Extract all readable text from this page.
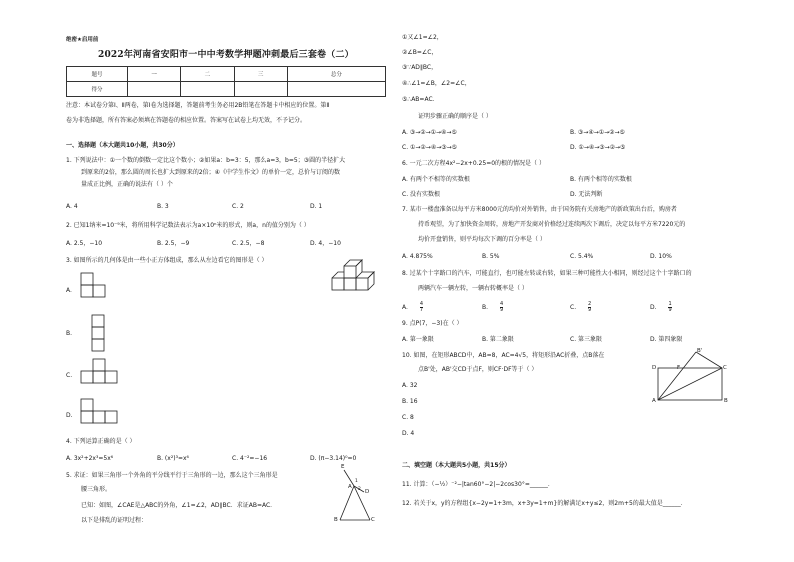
绝密★启用前
2022年河南省安阳市一中中考数学押题冲刺最后三套卷（二）
题号	一	二	三	总分
得分				
注意：本试卷分第Ⅰ、Ⅱ两卷，第Ⅰ卷为选择题，答题前考生务必用2B铅笔在答题卡中相应的位置。第Ⅱ
卷为非选择题，所有答案必须填在答题卷的相应位置。答案写在试卷上均无效，不予记分。
一、选择题（本大题共10小题，共30分）
1. 下列说法中：①一个数的倒数一定比这个数小；②如果a：b=3：5，那么a=3，b=5；③圆的半径扩大
到原来的2倍，那么圆的周长也扩大到原来的2倍；④《中学生作文》的单价一定，总价与订阅的数
量成正比例，正确的说法有（ ）个
A. 4	B. 3	C. 2	D. 1
2. 已知1纳米=10⁻⁹米，将所用科学记数法表示为a×10ⁿ米的形式，则a，n的值分别为（ ）
A. 2.5，−10	B. 2.5，−9	C. 2.5，−8	D. 4，−10
3. 如图所示的几何体是由一些小正方体组成，那么从左边看它的图形是（ ）
A.
B.
C.
D.
4. 下列运算正确的是（ ）
A. 3x²+2x³=5x⁶	B. (x²)³=x⁶	C. 4⁻²=−16	D. (π−3.14)⁰=0
5. 求证：如果三角形一个外角的平分线平行于三角形的一边，那么这个三角形是
腰三角形。
已知：如图，∠CAE是△ABC的外角，∠1=∠2，AD∥BC．求证AB=AC．
以下是排乱的证明过程：
E
D
A
B	C
1
2
①又∠1=∠2，
②∠B=∠C，
③∵AD∥BC，
④∴∠1=∠B，∠2=∠C，
⑤∴AB=AC．
证明步骤正确的顺序是（ ）
A. ③→②→①→④→⑤	B. ③→④→①→②→⑤
C. ①→②→④→③→⑤	D. ①→④→③→②→⑤
6. 一元二次方程4x²−2x+0.25=0的根的情况是（ ）
A. 有两个不相等的实数根	B. 有两个相等的实数根
C. 没有实数根	D. 无法判断
7. 某市一楼盘准备以每平方米8000元的均价对外销售，由于国务院有关房地产的新政策出台后，购房者
持币观望，为了加快资金周转，房地产开发商对价格经过连续两次下调后，决定以每平方米7220元的
均价开盘销售，则平均每次下调的百分率是（ ）
A. 4.875%	B. 5%	C. 5.4%	D. 10%
8. 过某个十字路口的汽车，可能直行，也可能左转或右转，如果三种可能性大小相同，则经过这个十字路口的
两辆汽车一辆左转，一辆右转概率是（ ）
A. $\frac{4}{7}$	B. $\frac{4}{9}$	C. $\frac{2}{9}$	D. $\frac{1}{9}$
9. 点P(7，−3)在（ ）
A. 第一象限	B. 第二象限	C. 第三象限	D. 第四象限
10. 如图，在矩形ABCD中，AB=8，AC=4√5，将矩形沿AC折叠，点B落在
点B'处，AB'交CD于点F，则CF·DF等于（ ）
A. 32
B. 16
C. 8
D. 4
B'
F
D	C
A	B
二、填空题（本大题共5小题，共15分）
11. 计算：（−½）⁻²−|tan60°−2|−2cos30°=______．
12. 若关于x，y的方程组{x−2y=1+3m，x+3y=1+m}的解满足x+y≤2，则2m+5的最大值是______．
